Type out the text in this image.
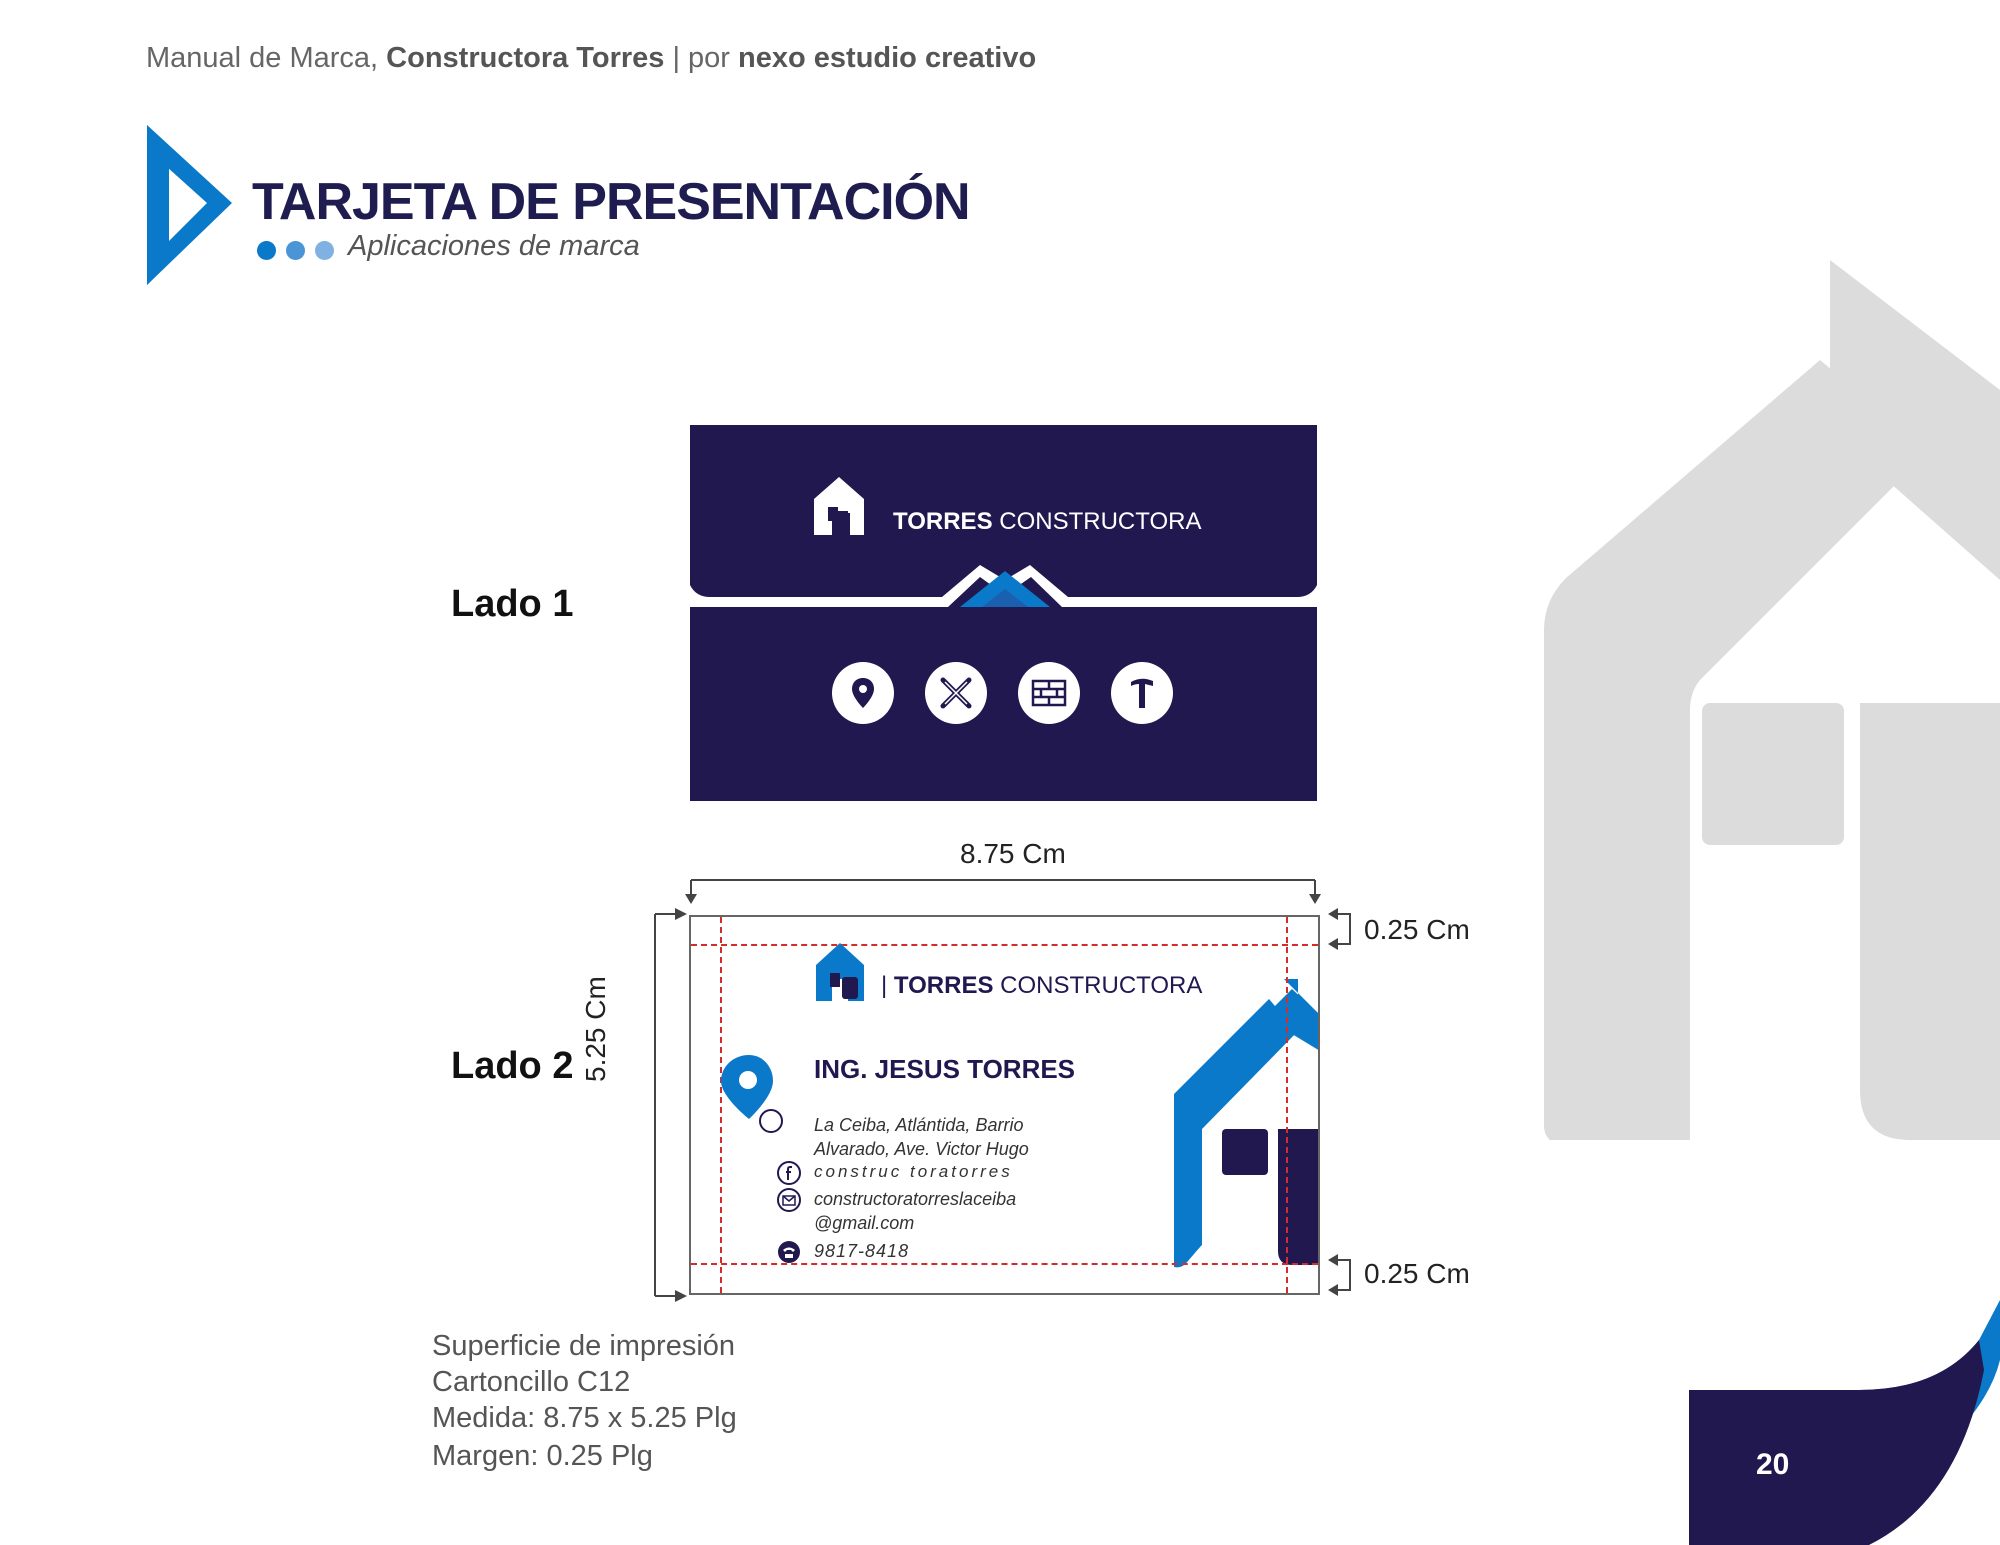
20
Manual de Marca, Constructora Torres | por nexo estudio creativo
TARJETA DE PRESENTACIÓN
Aplicaciones de marca
Lado 1
Lado 2
TORRES CONSTRUCTORA
8.75 Cm
5.25 Cm
0.25 Cm
0.25 Cm
| TORRES CONSTRUCTORA
ING. JESUS TORRES
La Ceiba, Atlántida, Barrio
Alvarado, Ave. Victor Hugo
construc toratorres
constructoratorreslaceiba
@gmail.com
9817-8418
Superficie de impresión
Cartoncillo C12
Medida: 8.75 x 5.25 Plg
Margen: 0.25 Plg
